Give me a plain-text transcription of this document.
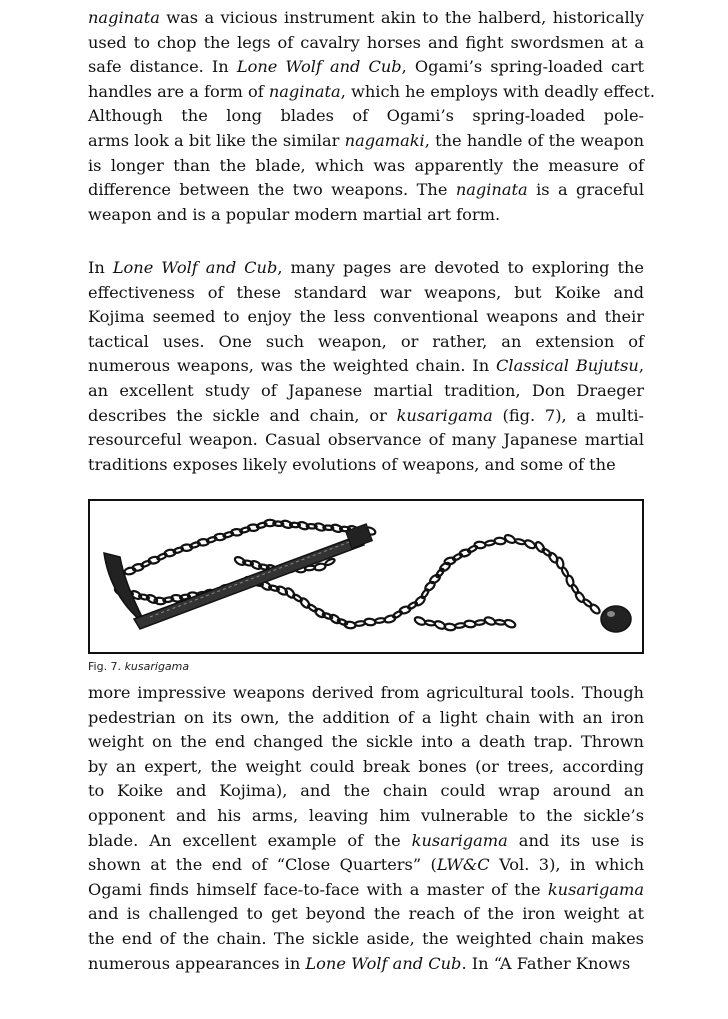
naginata was a vicious instrument akin to the halberd, historically
used to chop the legs of cavalry horses and fight swordsmen at a
safe distance. In Lone Wolf and Cub, Ogami’s spring-loaded cart
handles are a form of naginata, which he employs with deadly effect.
Although the long blades of Ogami’s spring-loaded pole-
arms look a bit like the similar nagamaki, the handle of the weapon
is longer than the blade, which was apparently the measure of
difference between the two weapons. The naginata is a graceful
weapon and is a popular modern martial art form.
In Lone Wolf and Cub, many pages are devoted to exploring the
effectiveness of these standard war weapons, but Koike and
Kojima seemed to enjoy the less conventional weapons and their
tactical uses. One such weapon, or rather, an extension of
numerous weapons, was the weighted chain. In Classical Bujutsu,
an excellent study of Japanese martial tradition, Don Draeger
describes the sickle and chain, or kusarigama (fig. 7), a multi-
resourceful weapon. Casual observance of many Japanese martial
traditions exposes likely evolutions of weapons, and some of the
Fig. 7. kusarigama
more impressive weapons derived from agricultural tools. Though
pedestrian on its own, the addition of a light chain with an iron
weight on the end changed the sickle into a death trap. Thrown
by an expert, the weight could break bones (or trees, according
to Koike and Kojima), and the chain could wrap around an
opponent and his arms, leaving him vulnerable to the sickle’s
blade. An excellent example of the kusarigama and its use is
shown at the end of “Close Quarters” (LW&C Vol. 3), in which
Ogami finds himself face-to-face with a master of the kusarigama
and is challenged to get beyond the reach of the iron weight at
the end of the chain. The sickle aside, the weighted chain makes
numerous appearances in Lone Wolf and Cub. In “A Father Knows
